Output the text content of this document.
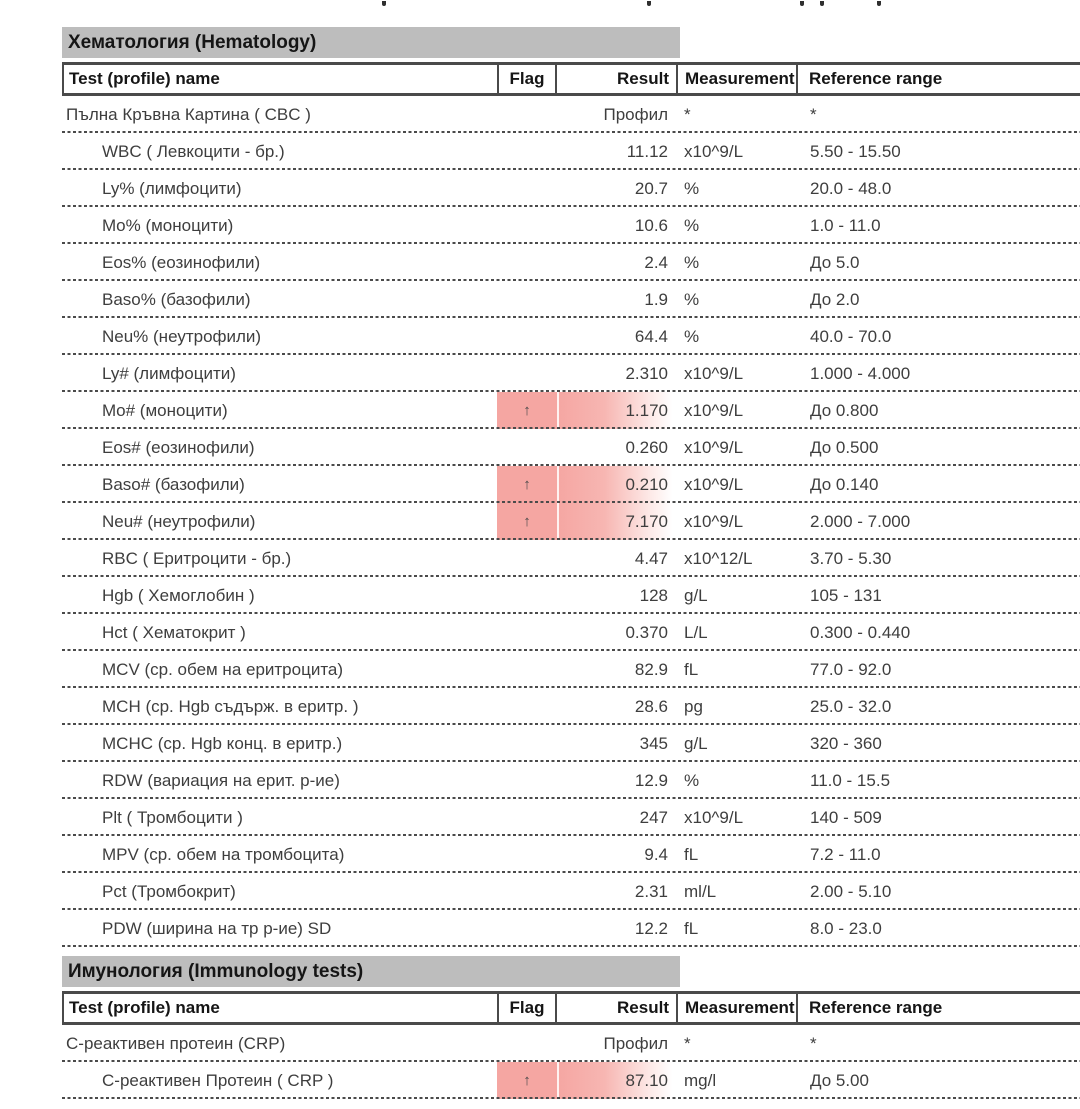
Хематология (Hematology)
Test (profile) name	Flag	Result Measurement Reference range
Пълна Кръвна Картина ( CBC )	Профил *	*
WBC ( Левкоцити - бр.)	11.12 x10^9/L	5.50 - 15.50
Ly% (лимфоцити)	20.7 %	20.0 - 48.0
Mo% (моноцити)	10.6 %	1.0 - 11.0
Eos% (еозинофили)	2.4 %	До 5.0
Baso% (базофили)	1.9 %	До 2.0
Neu% (неутрофили)	64.4 %	40.0 - 70.0
Ly# (лимфоцити)	2.310 x10^9/L	1.000 - 4.000
Mo# (моноцити)	↑	1.170 x10^9/L	До 0.800
Eos# (еозинофили)	0.260 x10^9/L	До 0.500
Baso# (базофили)	↑	0.210 x10^9/L	До 0.140
Neu# (неутрофили)	↑	7.170 x10^9/L	2.000 - 7.000
RBC ( Еритроцити - бр.)	4.47 x10^12/L	3.70 - 5.30
Hgb ( Хемоглобин )	128 g/L	105 - 131
Hct ( Хематокрит )	0.370 L/L	0.300 - 0.440
MCV (ср. обем на еритроцита)	82.9 fL	77.0 - 92.0
MCH (ср. Hgb съдърж. в еритр. )	28.6 pg	25.0 - 32.0
MCHC (ср. Hgb конц. в еритр.)	345 g/L	320 - 360
RDW (вариация на ерит. р-ие)	12.9 %	11.0 - 15.5
Plt ( Тромбоцити )	247 x10^9/L	140 - 509
MPV (ср. обем на тромбоцита)	9.4 fL	7.2 - 11.0
Pct (Тромбокрит)	2.31 ml/L	2.00 - 5.10
PDW (ширина на тр р-ие) SD	12.2 fL	8.0 - 23.0
Имунология (Immunology tests)
Test (profile) name	Flag	Result Measurement Reference range
С-реактивен протеин (CRP)	Профил *	*
С-реактивен Протеин ( CRP )	↑	87.10 mg/l	До 5.00
